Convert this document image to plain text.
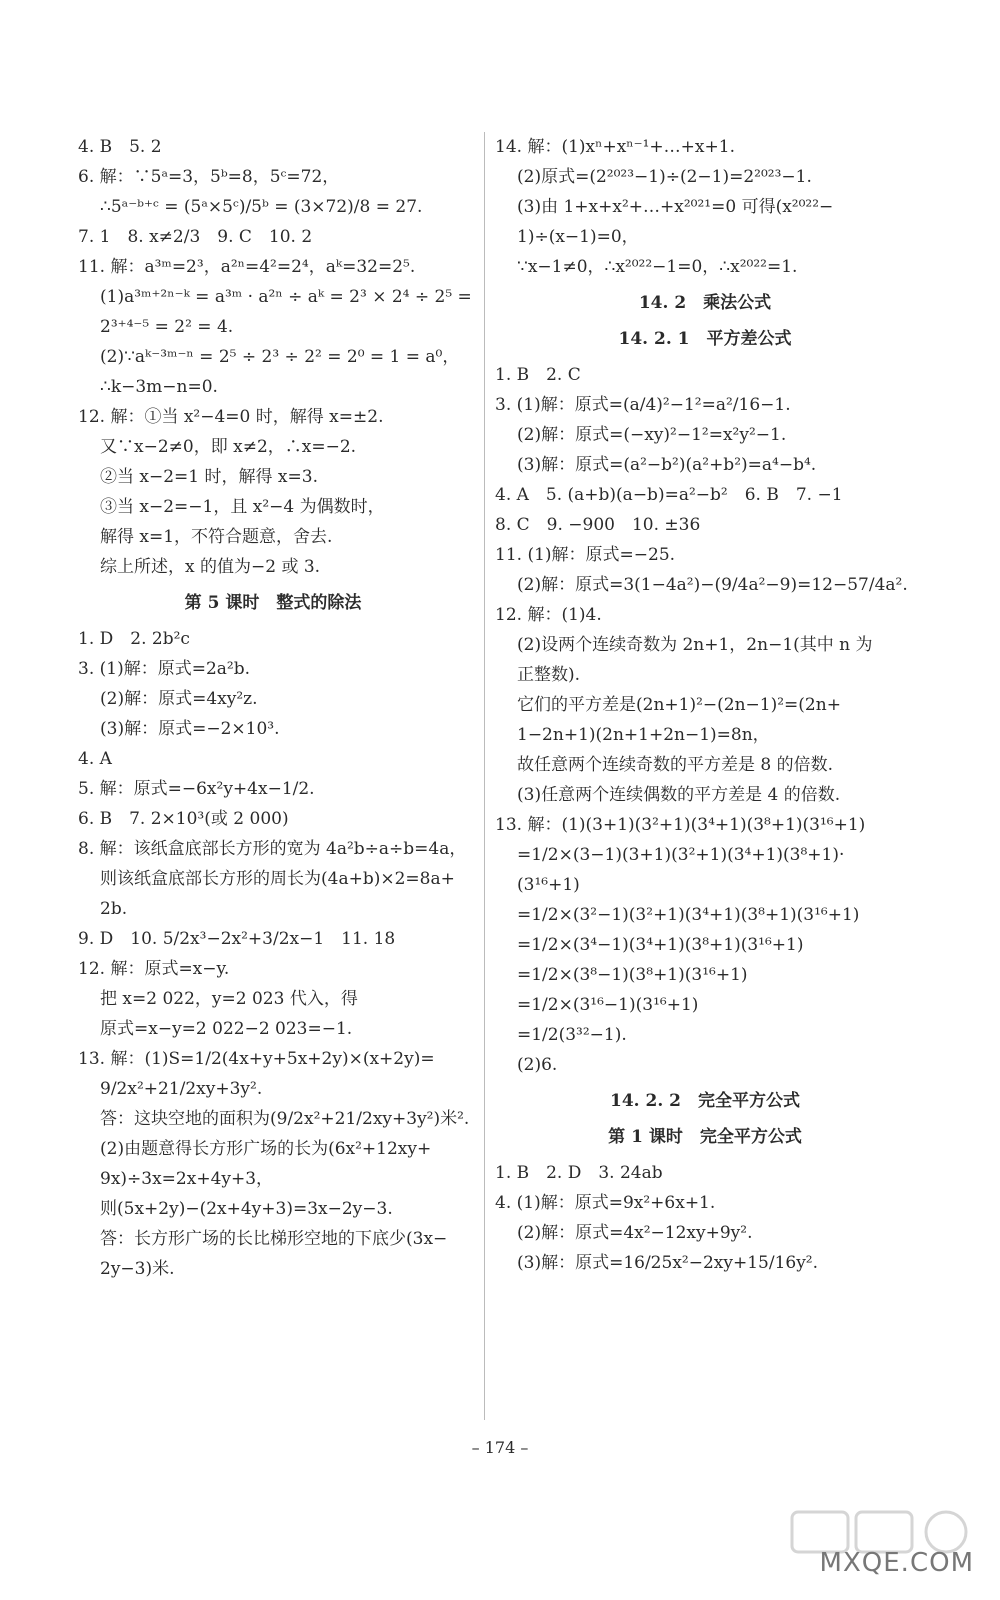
4. B　5. 2
6. 解：∵5ᵃ=3，5ᵇ=8，5ᶜ=72，
∴5ᵃ⁻ᵇ⁺ᶜ = (5ᵃ×5ᶜ)/5ᵇ = (3×72)/8 = 27.
7. 1　8. x≠2/3　9. C　10. 2
11. 解：a³ᵐ=2³，a²ⁿ=4²=2⁴，aᵏ=32=2⁵.
(1)a³ᵐ⁺²ⁿ⁻ᵏ = a³ᵐ · a²ⁿ ÷ aᵏ = 2³ × 2⁴ ÷ 2⁵ =
2³⁺⁴⁻⁵ = 2² = 4.
(2)∵aᵏ⁻³ᵐ⁻ⁿ = 2⁵ ÷ 2³ ÷ 2² = 2⁰ = 1 = a⁰，
∴k−3m−n=0.
12. 解：①当 x²−4=0 时，解得 x=±2.
又∵x−2≠0，即 x≠2，∴x=−2.
②当 x−2=1 时，解得 x=3.
③当 x−2=−1，且 x²−4 为偶数时，
解得 x=1，不符合题意，舍去.
综上所述，x 的值为−2 或 3.
第 5 课时　整式的除法
1. D　2. 2b²c
3. (1)解：原式=2a²b.
(2)解：原式=4xy²z.
(3)解：原式=−2×10³.
4. A
5. 解：原式=−6x²y+4x−1/2.
6. B　7. 2×10³(或 2 000)
8. 解：该纸盒底部长方形的宽为 4a²b÷a÷b=4a，
则该纸盒底部长方形的周长为(4a+b)×2=8a+
2b.
9. D　10. 5/2x³−2x²+3/2x−1　11. 18
12. 解：原式=x−y.
把 x=2 022，y=2 023 代入，得
原式=x−y=2 022−2 023=−1.
13. 解：(1)S=1/2(4x+y+5x+2y)×(x+2y)=
9/2x²+21/2xy+3y².
答：这块空地的面积为(9/2x²+21/2xy+3y²)米².
(2)由题意得长方形广场的长为(6x²+12xy+
9x)÷3x=2x+4y+3，
则(5x+2y)−(2x+4y+3)=3x−2y−3.
答：长方形广场的长比梯形空地的下底少(3x−
2y−3)米.
14. 解：(1)xⁿ+xⁿ⁻¹+…+x+1.
(2)原式=(2²⁰²³−1)÷(2−1)=2²⁰²³−1.
(3)由 1+x+x²+…+x²⁰²¹=0 可得(x²⁰²²−
1)÷(x−1)=0，
∵x−1≠0，∴x²⁰²²−1=0，∴x²⁰²²=1.
14. 2　乘法公式
14. 2. 1　平方差公式
1. B　2. C
3. (1)解：原式=(a/4)²−1²=a²/16−1.
(2)解：原式=(−xy)²−1²=x²y²−1.
(3)解：原式=(a²−b²)(a²+b²)=a⁴−b⁴.
4. A　5. (a+b)(a−b)=a²−b²　6. B　7. −1
8. C　9. −900　10. ±36
11. (1)解：原式=−25.
(2)解：原式=3(1−4a²)−(9/4a²−9)=12−57/4a².
12. 解：(1)4.
(2)设两个连续奇数为 2n+1，2n−1(其中 n 为
正整数).
它们的平方差是(2n+1)²−(2n−1)²=(2n+
1−2n+1)(2n+1+2n−1)=8n，
故任意两个连续奇数的平方差是 8 的倍数.
(3)任意两个连续偶数的平方差是 4 的倍数.
13. 解：(1)(3+1)(3²+1)(3⁴+1)(3⁸+1)(3¹⁶+1)
=1/2×(3−1)(3+1)(3²+1)(3⁴+1)(3⁸+1)·
(3¹⁶+1)
=1/2×(3²−1)(3²+1)(3⁴+1)(3⁸+1)(3¹⁶+1)
=1/2×(3⁴−1)(3⁴+1)(3⁸+1)(3¹⁶+1)
=1/2×(3⁸−1)(3⁸+1)(3¹⁶+1)
=1/2×(3¹⁶−1)(3¹⁶+1)
=1/2(3³²−1).
(2)6.
14. 2. 2　完全平方公式
第 1 课时　完全平方公式
1. B　2. D　3. 24ab
4. (1)解：原式=9x²+6x+1.
(2)解：原式=4x²−12xy+9y².
(3)解：原式=16/25x²−2xy+15/16y².
– 174 –
MXQE.COM
